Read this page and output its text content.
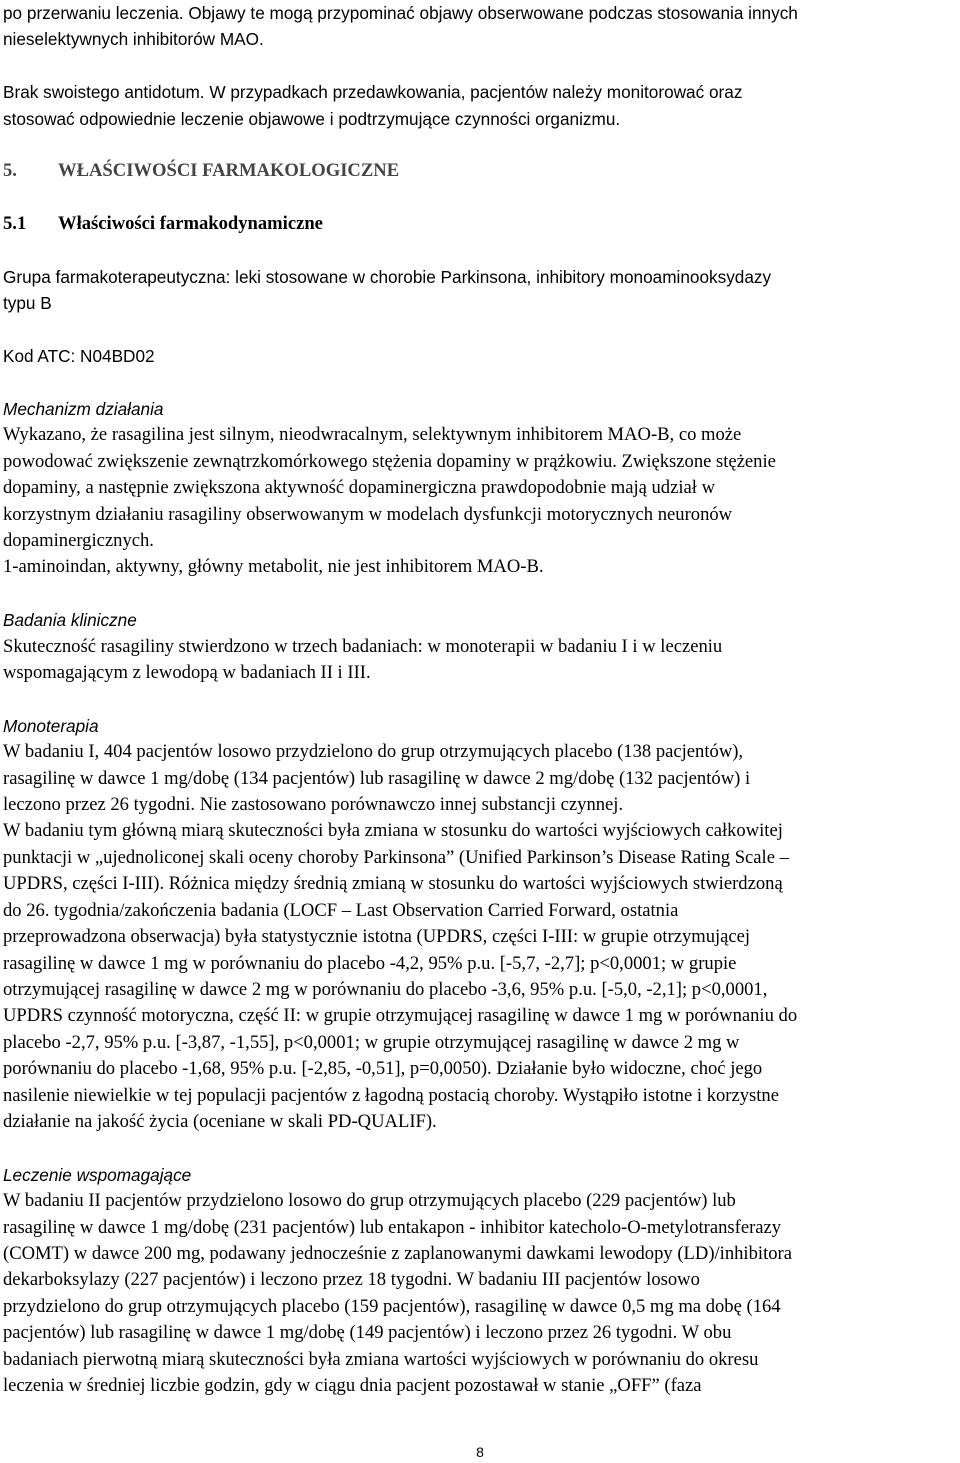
po przerwaniu leczenia. Objawy te mogą przypominać objawy obserwowane podczas stosowania innych

nieselektywnych inhibitorów MAO.

Brak swoistego antidotum. W przypadkach przedawkowania, pacjentów należy monitorować oraz

stosować odpowiednie leczenie objawowe i podtrzymujące czynności organizmu.

5. WŁAŚCIWOŚCI FARMAKOLOGICZNE
5.1 Właściwości farmakodynamiczne

Grupa farmakoterapeutyczna: leki stosowane w chorobie Parkinsona, inhibitory monoaminooksydazy

typu B

Kod ATC: N04BD02

Mechanizm działania

Wykazano, że rasagilina jest silnym, nieodwracalnym, selektywnym inhibitorem MAO-B, co może

powodować zwiększenie zewnątrzkomórkowego stężenia dopaminy w prążkowiu. Zwiększone stężenie

dopaminy, a następnie zwiększona aktywność dopaminergiczna prawdopodobnie mają udział w

korzystnym działaniu rasagiliny obserwowanym w modelach dysfunkcji motorycznych neuronów

dopaminergicznych.

1-aminoindan, aktywny, główny metabolit, nie jest inhibitorem MAO-B.

Badania kliniczne

Skuteczność rasagiliny stwierdzono w trzech badaniach: w monoterapii w badaniu I i w leczeniu

wspomagającym z lewodopą w badaniach II i III.

Monoterapia

W badaniu I, 404 pacjentów losowo przydzielono do grup otrzymujących placebo (138 pacjentów),

rasagilinę w dawce 1 mg/dobę (134 pacjentów) lub rasagilinę w dawce 2 mg/dobę (132 pacjentów) i

leczono przez 26 tygodni. Nie zastosowano porównawczo innej substancji czynnej.

W badaniu tym główną miarą skuteczności była zmiana w stosunku do wartości wyjściowych całkowitej

punktacji w „ujednoliconej skali oceny choroby Parkinsona” (Unified Parkinson’s Disease Rating Scale –

UPDRS, części I-III). Różnica między średnią zmianą w stosunku do wartości wyjściowych stwierdzoną

do 26. tygodnia/zakończenia badania (LOCF – Last Observation Carried Forward, ostatnia

przeprowadzona obserwacja) była statystycznie istotna (UPDRS, części I-III: w grupie otrzymującej

rasagilinę w dawce 1 mg w porównaniu do placebo -4,2, 95% p.u. [-5,7, -2,7]; p<0,0001; w grupie

otrzymującej rasagilinę w dawce 2 mg w porównaniu do placebo -3,6, 95% p.u. [-5,0, -2,1]; p<0,0001,

UPDRS czynność motoryczna, część II: w grupie otrzymującej rasagilinę w dawce 1 mg w porównaniu do

placebo -2,7, 95% p.u. [-3,87, -1,55], p<0,0001; w grupie otrzymującej rasagilinę w dawce 2 mg w

porównaniu do placebo -1,68, 95% p.u. [-2,85, -0,51], p=0,0050). Działanie było widoczne, choć jego

nasilenie niewielkie w tej populacji pacjentów z łagodną postacią choroby. Wystąpiło istotne i korzystne

działanie na jakość życia (oceniane w skali PD-QUALIF).

Leczenie wspomagające

W badaniu II pacjentów przydzielono losowo do grup otrzymujących placebo (229 pacjentów) lub

rasagilinę w dawce 1 mg/dobę (231 pacjentów) lub entakapon - inhibitor katecholo-O-metylotransferazy

(COMT) w dawce 200 mg, podawany jednocześnie z zaplanowanymi dawkami lewodopy (LD)/inhibitora

dekarboksylazy (227 pacjentów) i leczono przez 18 tygodni. W badaniu III pacjentów losowo

przydzielono do grup otrzymujących placebo (159 pacjentów), rasagilinę w dawce 0,5 mg ma dobę (164

pacjentów) lub rasagilinę w dawce 1 mg/dobę (149 pacjentów) i leczono przez 26 tygodni. W obu

badaniach pierwotną miarą skuteczności była zmiana wartości wyjściowych w porównaniu do okresu

leczenia w średniej liczbie godzin, gdy w ciągu dnia pacjent pozostawał w stanie „OFF” (faza

8
